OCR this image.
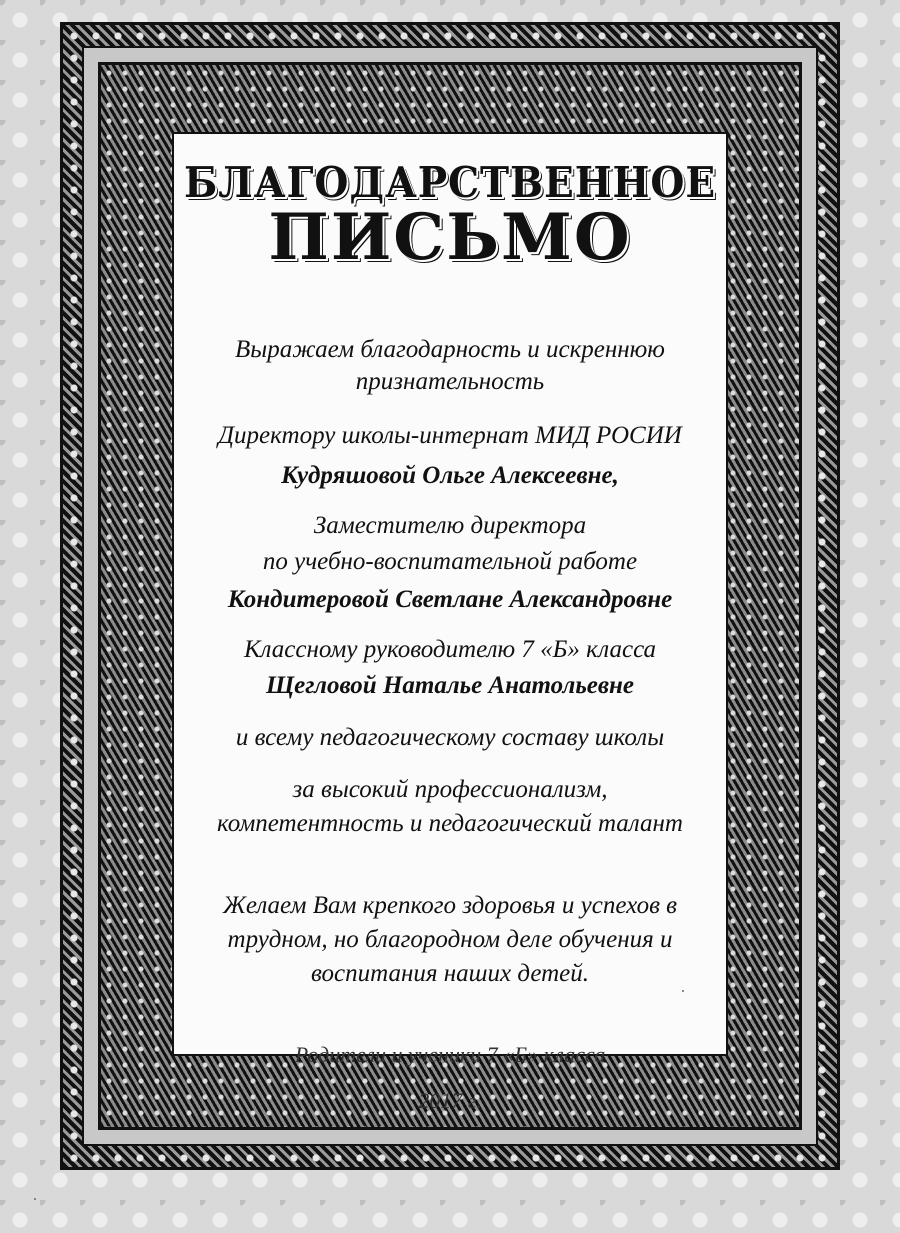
БЛАГОДАРСТВЕННОЕ
ПИСЬМО
Выражаем благодарность и искреннюю
признательность
Директору школы-интернат МИД РОСИИ
Кудряшовой Ольге Алексеевне,
Заместителю директора
по учебно-воспитательной работе
Кондитеровой Светлане Александровне
Классному руководителю 7 «Б» класса
Щегловой Наталье Анатольевне
и всему педагогическому составу школы
за высокий профессионализм,
компетентность и педагогический талант
Желаем Вам крепкого здоровья и успехов в
трудном, но благородном деле обучения и
воспитания наших детей.
Родители и ученики 7 «Б» класса
2017 г.
